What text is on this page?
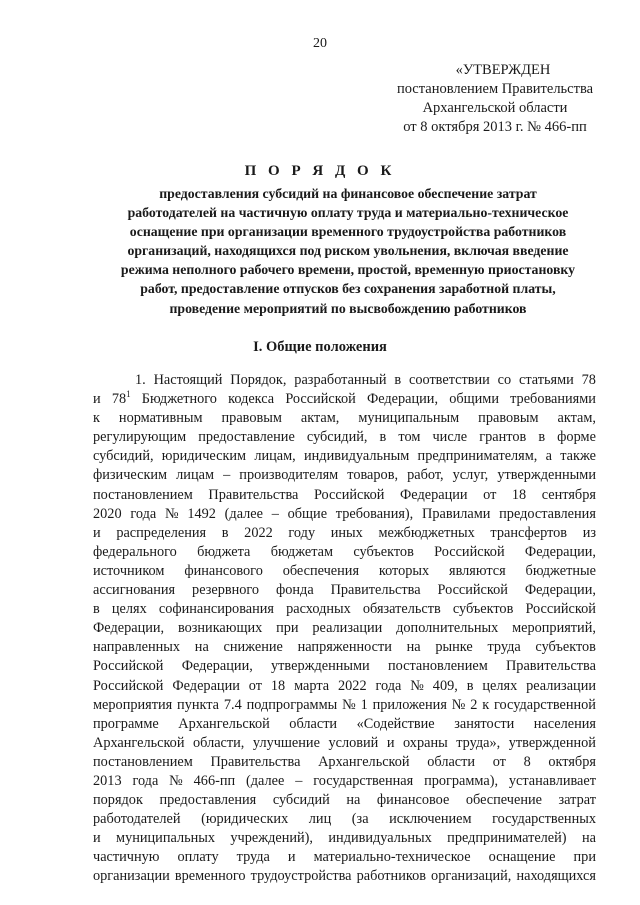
20
«УТВЕРЖДЕН
постановлением Правительства
Архангельской области
от 8 октября 2013 г. № 466-пп
П О Р Я Д О К
предоставления субсидий на финансовое обеспечение затрат
работодателей на частичную оплату труда и материально-техническое
оснащение при организации временного трудоустройства работников
организаций, находящихся под риском увольнения, включая введение
режима неполного рабочего времени, простой, временную приостановку
работ, предоставление отпусков без сохранения заработной платы,
проведение мероприятий по высвобождению работников
I. Общие положения
1. Настоящий Порядок, разработанный в соответствии со статьями 78
и $78^1$ Бюджетного кодекса Российской Федерации, общими требованиями
к нормативным правовым актам, муниципальным правовым актам,
регулирующим предоставление субсидий, в том числе грантов в форме
субсидий, юридическим лицам, индивидуальным предпринимателям, а также
физическим лицам – производителям товаров, работ, услуг, утвержденными
постановлением Правительства Российской Федерации от 18 сентября
2020 года № 1492 (далее – общие требования), Правилами предоставления
и распределения в 2022 году иных межбюджетных трансфертов из
федерального бюджета бюджетам субъектов Российской Федерации,
источником финансового обеспечения которых являются бюджетные
ассигнования резервного фонда Правительства Российской Федерации,
в целях софинансирования расходных обязательств субъектов Российской
Федерации, возникающих при реализации дополнительных мероприятий,
направленных на снижение напряженности на рынке труда субъектов
Российской Федерации, утвержденными постановлением Правительства
Российской Федерации от 18 марта 2022 года № 409, в целях реализации
мероприятия пункта 7.4 подпрограммы № 1 приложения № 2 к государственной
программе Архангельской области «Содействие занятости населения
Архангельской области, улучшение условий и охраны труда», утвержденной
постановлением Правительства Архангельской области от 8 октября
2013 года № 466-пп (далее – государственная программа), устанавливает
порядок предоставления субсидий на финансовое обеспечение затрат
работодателей (юридических лиц (за исключением государственных
и муниципальных учреждений), индивидуальных предпринимателей) на
частичную оплату труда и материально-техническое оснащение при
организации временного трудоустройства работников организаций, находящихся
